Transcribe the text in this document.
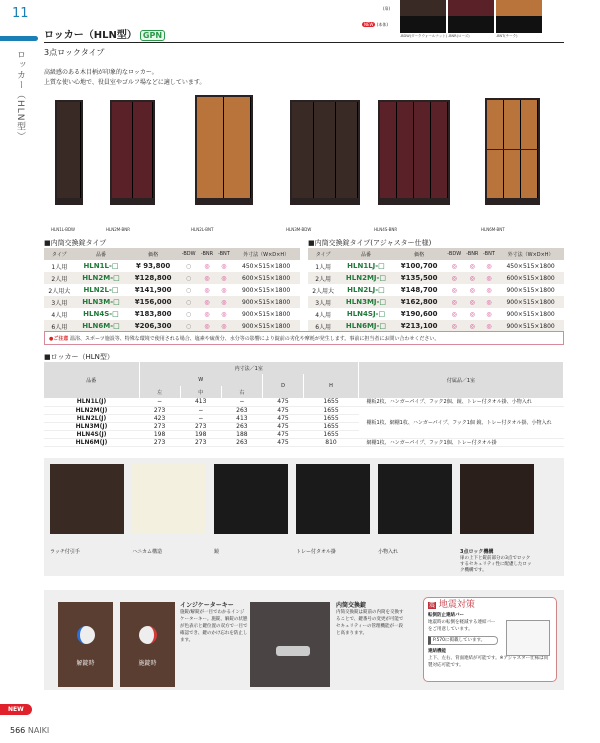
11
ロッカー（HLN型）
ロッカー（HLN型） GPN
3点ロックタイプ
高級感のある木目柄が印象的なロッカー。
上質な使い心地で、役員室やゴルフ場などに適しています。
(扉)
NEW (本体)
-BDW(ダークウォールナット) -BNR(ローズ)	-BNT(チーク)
HLN1L-BDW	HLN2M-BNR	HLN2L-BNT	HLN3M-BDW	HLN4S-BNR	HLN6M-BNT
■内筒交換錠タイプ
タイプ	品番	価格	-BDW	-BNR	-BNT	外寸法（W×D×H）
1人用	HLN1L-□	¥ 93,800	○	◎	◎	450×515×1800
2人用	HLN2M-□	¥128,800	○	◎	◎	600×515×1800
2人用大	HLN2L-□	¥141,900	○	◎	◎	900×515×1800
3人用	HLN3M-□	¥156,000	○	◎	◎	900×515×1800
4人用	HLN4S-□	¥183,800	○	◎	◎	900×515×1800
6人用	HLN6M-□	¥206,300	○	◎	◎	900×515×1800
■内筒交換錠タイプ(アジャスター仕様)
タイプ	品番	価格	-BDW	-BNR	-BNT	外寸法（W×D×H）
1人用	HLN1LJ-□	¥100,700	◎	◎	◎	450×515×1800
2人用	HLN2MJ-□	¥135,500	◎	◎	◎	600×515×1800
2人用大	HLN2LJ-□	¥148,700	◎	◎	◎	900×515×1800
3人用	HLN3MJ-□	¥162,800	◎	◎	◎	900×515×1800
4人用	HLN4SJ-□	¥190,600	◎	◎	◎	900×515×1800
6人用	HLN6MJ-□	¥213,100	◎	◎	◎	900×515×1800
●ご注意 温浴、スポーツ施設等、特殊な環境で使用される場合、塩素や硫黄分、水分等の影響により錠前の劣化や摩耗が発生します。事前に担当者にお問い合わせください。
■ロッカー（HLN型）
品番	内寸法／1室					付属品／1室
	W			D	H	
	左	中	右			
HLN1L(J)	−	413	−	475	1655	棚板2枚、ハンガーパイプ、フック2個、鏡、トレー付タオル掛、小物入れ
HLN2M(J)	273	−	263	475	1655	棚板1枚、網棚1枚、ハンガーパイプ、フック1個 鏡、トレー付タオル掛、小物入れ
HLN2L(J)	423	−	413	475	1655	
HLN3M(J)	273	273	263	475	1655	
HLN4S(J)	198	198	188	475	1655	
HLN6M(J)	273	273	263	475	810	網棚1枚、ハンガーパイプ、フック1個、トレー付タオル掛
ラッチ付引手	ハニカム構造	鏡	トレー付タオル掛	小物入れ	3点ロック機構
扉の上下と錠前部分の3点でロックするセキュリティ性に配慮したロック機構です。
解錠時	施錠時
インジケーターキー
施錠/解錠が一目でわかるインジケーターキー。施錠、解錠の状態が色表示と鍵位置の双方で一目で確認でき、鍵のかけ忘れを防止します。
内筒交換錠
内筒交換錠は錠前の内筒を交換することで、鍵番号の変更が可能でセキュリティーの管理機能が一段と高まります。
震 地震対策
転倒防止連結バー
地震時の転倒を軽減する連結バーをご用意しています。
P.570に掲載しています。
連結機能
上下、左右、背面連結が可能です。※アジャスター仕様は同製対応可能です。
NEW
566 NAIKI
